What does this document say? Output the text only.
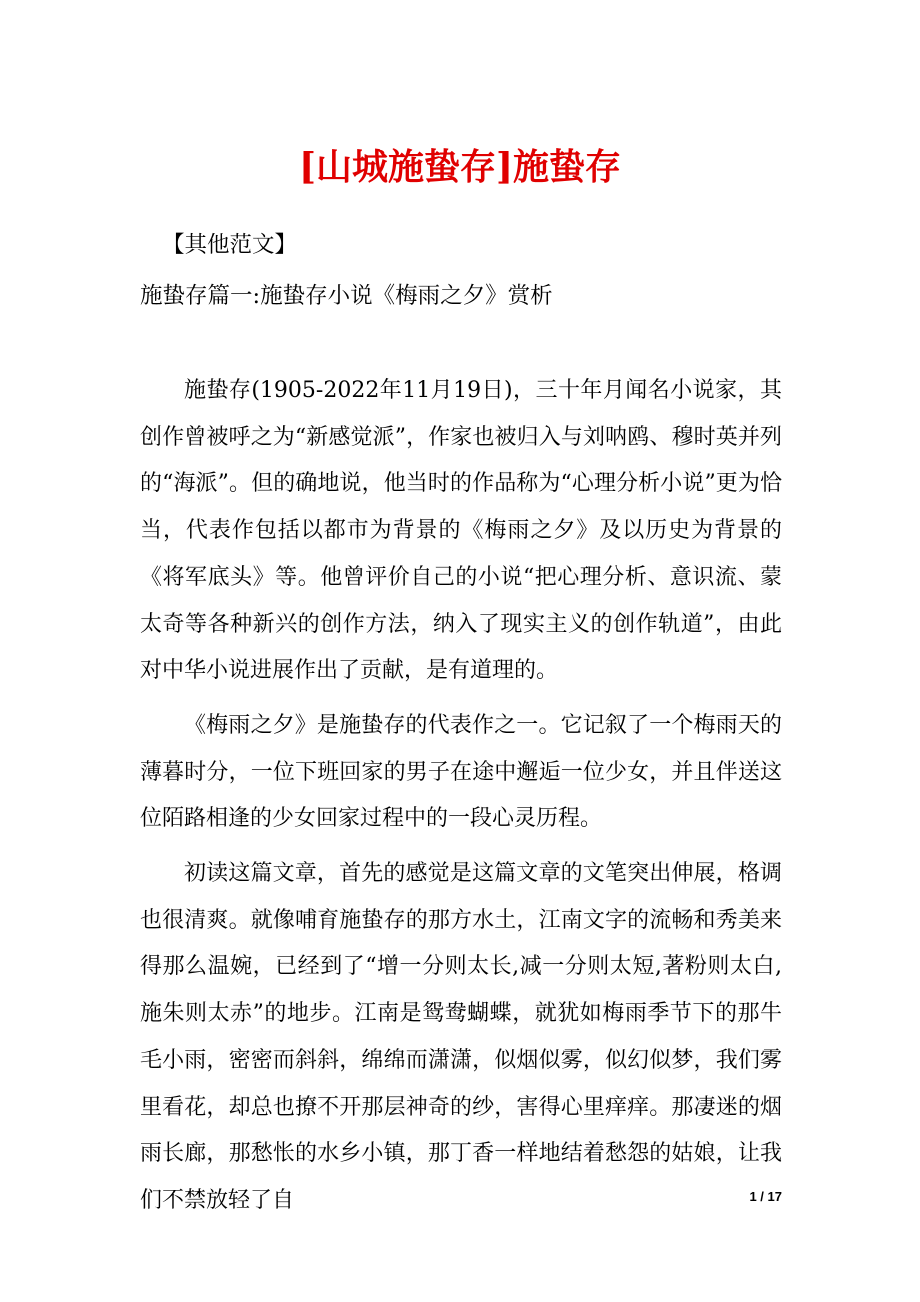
[山城施蛰存]施蛰存
【其他范文】
施蛰存篇一:施蛰存小说《梅雨之夕》赏析

施蛰存(1905-2022年11月19日)，三十年月闻名小说家，其创作曾被呼之为“新感觉派”，作家也被归入与刘呐鸥、穆时英并列的“海派”。但的确地说，他当时的作品称为“心理分析小说”更为恰当，代表作包括以都市为背景的《梅雨之夕》及以历史为背景的《将军底头》等。他曾评价自己的小说“把心理分析、意识流、蒙太奇等各种新兴的创作方法，纳入了现实主义的创作轨道”，由此对中华小说进展作出了贡献，是有道理的。

《梅雨之夕》是施蛰存的代表作之一。它记叙了一个梅雨天的薄暮时分，一位下班回家的男子在途中邂逅一位少女，并且伴送这位陌路相逢的少女回家过程中的一段心灵历程。

初读这篇文章，首先的感觉是这篇文章的文笔突出伸展，格调也很清爽。就像哺育施蛰存的那方水土，江南文字的流畅和秀美来得那么温婉，已经到了“增一分则太长,减一分则太短,著粉则太白,施朱则太赤”的地步。江南是鸳鸯蝴蝶，就犹如梅雨季节下的那牛毛小雨，密密而斜斜，绵绵而潇潇，似烟似雾，似幻似梦，我们雾里看花，却总也撩不开那层神奇的纱，害得心里痒痒。那凄迷的烟雨长廊，那愁怅的水乡小镇，那丁香一样地结着愁怨的姑娘，让我们不禁放轻了自	1 / 17
